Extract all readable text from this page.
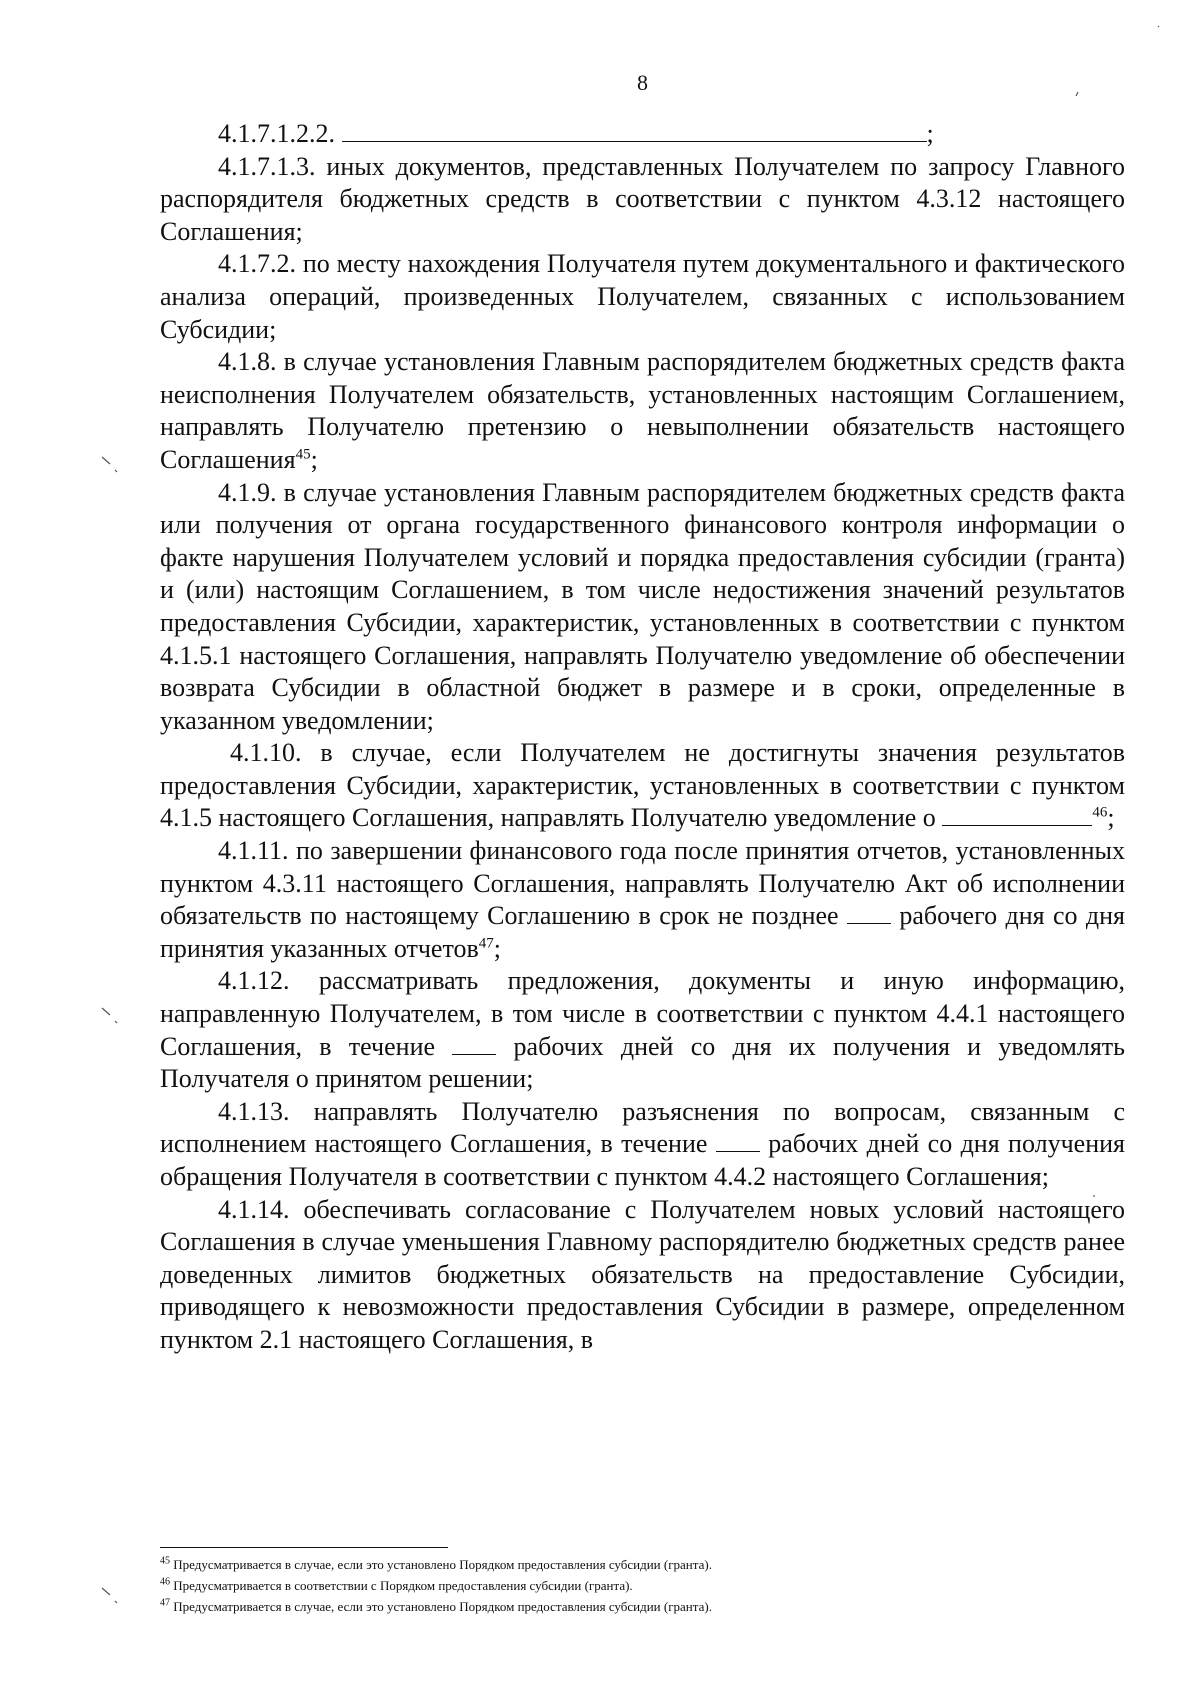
8

4.1.7.1.2.2.	;

4.1.7.1.3. иных документов, представленных Получателем по запросу Главного распорядителя бюджетных средств в соответствии с пунктом 4.3.12 настоящего Соглашения;

4.1.7.2. по месту нахождения Получателя путем документального и фактического анализа операций, произведенных Получателем, связанных с использованием Субсидии;

4.1.8. в случае установления Главным распорядителем бюджетных средств факта неисполнения Получателем обязательств, установленных настоящим Соглашением, направлять Получателю претензию о невыполнении обязательств настоящего Соглашения$^{45}$;

4.1.9. в случае установления Главным распорядителем бюджетных средств факта или получения от органа государственного финансового контроля информации о факте нарушения Получателем условий и порядка предоставления субсидии (гранта) и (или) настоящим Соглашением, в том числе недостижения значений результатов предоставления Субсидии, характеристик, установленных в соответствии с пунктом 4.1.5.1 настоящего Соглашения, направлять Получателю уведомление об обеспечении возврата Субсидии в областной бюджет в размере и в сроки, определенные в указанном уведомлении;

4.1.10. в случае, если Получателем не достигнуты значения результатов предоставления Субсидии, характеристик, установленных в соответствии с пунктом 4.1.5 настоящего Соглашения, направлять Получателю уведомление о	$^{46}$;

4.1.11. по завершении финансового года после принятия отчетов, установленных пунктом 4.3.11 настоящего Соглашения, направлять Получателю Акт об исполнении обязательств по настоящему Соглашению в срок не позднее рабочего дня со дня принятия указанных отчетов$^{47}$;

4.1.12. рассматривать предложения, документы и иную информацию, направленную Получателем, в том числе в соответствии с пунктом 4.4.1 настоящего Соглашения, в течение	рабочих дней со дня их получения и уведомлять Получателя о принятом решении;

4.1.13. направлять Получателю разъяснения по вопросам, связанным с исполнением настоящего Соглашения, в течение рабочих дней со дня получения обращения Получателя в соответствии с пунктом 4.4.2 настоящего Соглашения;

4.1.14. обеспечивать согласование с Получателем новых условий настоящего Соглашения в случае уменьшения Главному распорядителю бюджетных средств ранее доведенных лимитов бюджетных обязательств на предоставление Субсидии, приводящего к невозможности предоставления Субсидии в размере, определенном пунктом 2.1 настоящего Соглашения, в

$^{45}$ Предусматривается в случае, если это установлено Порядком предоставления субсидии (гранта).

$^{46}$ Предусматривается в соответствии с Порядком предоставления субсидии (гранта).

$^{47}$ Предусматривается в случае, если это установлено Порядком предоставления субсидии (гранта).
